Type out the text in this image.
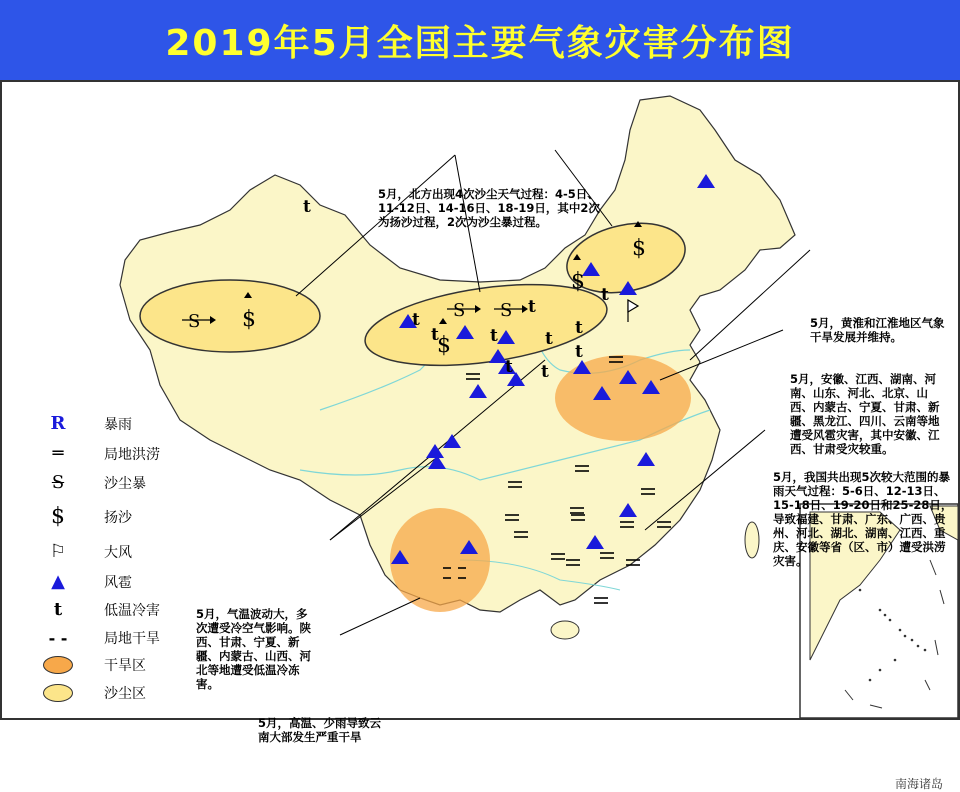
2019年5月全国主要气象灾害分布图
t
t
t
t
t	t
t
t
t
t
t
S
S S
$
$
$
$
5月，北方出现4次沙尘天气过程：4-5日、11-12日、14-16日、18-19日，其中2次为扬沙过程，2次为沙尘暴过程。
5月，黄淮和江淮地区气象干旱发展并维持。
5月，安徽、江西、湖南、河南、山东、河北、北京、山西、内蒙古、宁夏、甘肃、新疆、黑龙江、四川、云南等地遭受风雹灾害，其中安徽、江西、甘肃受灾较重。
5月，我国共出现5次较大范围的暴雨天气过程：5-6日、12-13日、15-18日、19-20日和25-28日，导致福建、甘肃、广东、广西、贵州、河北、湖北、湖南、江西、重庆、安徽等省（区、市）遭受洪涝灾害。
5月，气温波动大，多次遭受冷空气影响。陕西、甘肃、宁夏、新疆、内蒙古、山西、河北等地遭受低温冷冻害。
5月，高温、少雨导致云南大部发生严重干旱
南海诸岛
R	暴雨
═	局地洪涝
S	沙尘暴
$	扬沙
⚐	大风
▲	风雹
t	低温冷害
- -	局地干旱
干旱区
沙尘区
